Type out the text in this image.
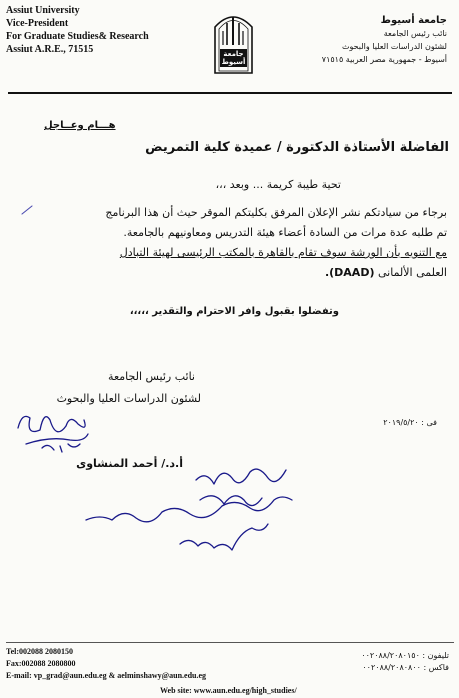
Assiut University
Vice-President
For Graduate Studies& Research
Assiut A.R.E., 71515	جامعة أسيوط
جامعة أسيوط
نائب رئيس الجامعة
لشئون الدراسات العليا والبحوث
أسيوط - جمهورية مصر العربية ٧١٥١٥
هـــام وعــاجل
الفاضلة الأستاذة الدكتورة / عميدة كلية التمريض
تحية طيبة كريمة ... وبعد ،،،
برجاء من سيادتكم نشر الإعلان المرفق بكليتكم الموقر حيث أن هذا البرنامج
تم طلبه عدة مرات من السادة أعضاء هيئة التدريس ومعاونيهم بالجامعة.
مع التنويه بأن الورشة سوف تقام بالقاهرة بالمكتب الرئيسى لهيئة التبادل
العلمى الألمانى (DAAD).
وتفضلوا بقبول وافر الاحترام والتقدير ،،،،،
نائب رئيس الجامعة
لشئون الدراسات العليا والبحوث
فى : ٢٠١٩/٥/٢٠
أ.د./ أحمد المنشاوى
Tel:002088 2080150
Fax:002088 2080800
E-mail: vp_grad@aun.edu.eg & aelminshawy@aun.edu.eg
تليفون : ٠٠٢٠٨٨/٢٠٨٠١٥٠
فاكس : ٠٠٢٠٨٨/٢٠٨٠٨٠٠
Web site: www.aun.edu.eg/high_studies/
